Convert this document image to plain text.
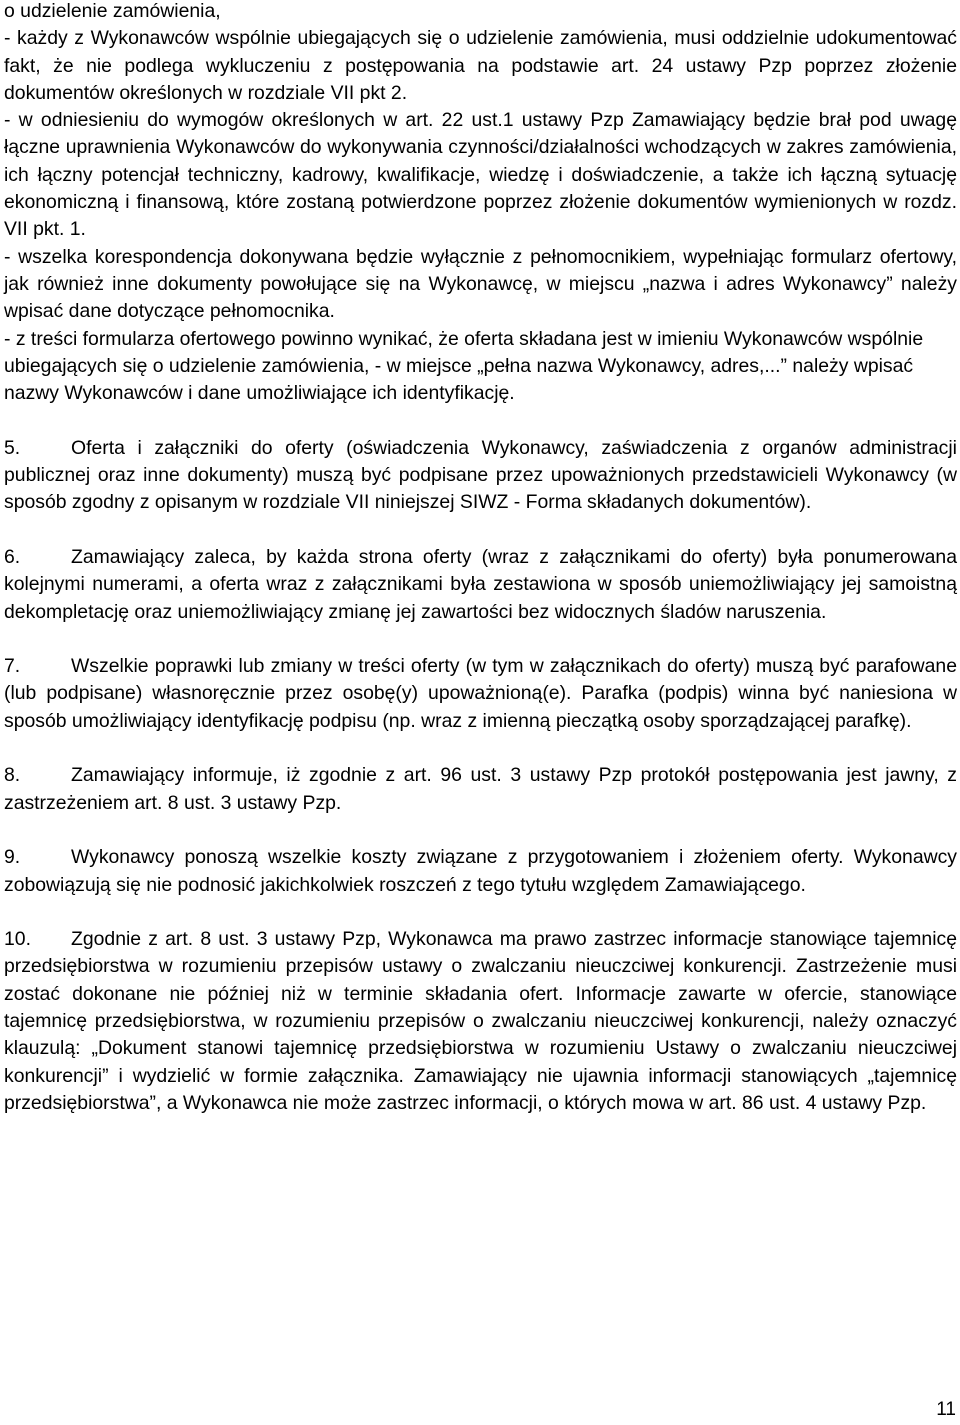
o udzielenie zamówienia,

- każdy z Wykonawców wspólnie ubiegających się o udzielenie zamówienia, musi oddzielnie udokumentować fakt, że nie podlega wykluczeniu z postępowania na podstawie art. 24 ustawy Pzp poprzez złożenie dokumentów określonych w rozdziale VII pkt 2.

- w odniesieniu do wymogów określonych w art. 22 ust.1 ustawy Pzp Zamawiający będzie brał pod uwagę łączne uprawnienia Wykonawców do wykonywania czynności/działalności wchodzących w zakres zamówienia, ich łączny potencjał techniczny, kadrowy, kwalifikacje, wiedzę i doświadczenie, a także ich łączną sytuację ekonomiczną i finansową, które zostaną potwierdzone poprzez złożenie dokumentów wymienionych w rozdz. VII pkt. 1.

- wszelka korespondencja dokonywana będzie wyłącznie z pełnomocnikiem, wypełniając formularz ofertowy, jak również inne dokumenty powołujące się na Wykonawcę, w miejscu „nazwa i adres Wykonawcy” należy wpisać dane dotyczące pełnomocnika.

- z treści formularza ofertowego powinno wynikać, że oferta składana jest w imieniu Wykonawców wspólnie ubiegających się o udzielenie zamówienia, - w miejsce „pełna nazwa Wykonawcy, adres,...” należy wpisać nazwy Wykonawców i dane umożliwiające ich identyfikację.

5.	Oferta i załączniki do oferty (oświadczenia Wykonawcy, zaświadczenia z organów administracji publicznej oraz inne dokumenty) muszą być podpisane przez upoważnionych przedstawicieli Wykonawcy (w sposób zgodny z opisanym w rozdziale VII niniejszej SIWZ - Forma składanych dokumentów).

6.	Zamawiający zaleca, by każda strona oferty (wraz z załącznikami do oferty) była ponumerowana kolejnymi numerami, a oferta wraz z załącznikami była zestawiona w sposób uniemożliwiający jej samoistną dekompletację oraz uniemożliwiający zmianę jej zawartości bez widocznych śladów naruszenia.

7.	Wszelkie poprawki lub zmiany w treści oferty (w tym w załącznikach do oferty) muszą być parafowane (lub podpisane) własnoręcznie przez osobę(y) upoważnioną(e). Parafka (podpis) winna być naniesiona w sposób umożliwiający identyfikację podpisu (np. wraz z imienną pieczątką osoby sporządzającej parafkę).

8.	Zamawiający informuje, iż zgodnie z art. 96 ust. 3 ustawy Pzp protokół postępowania jest jawny, z zastrzeżeniem art. 8 ust. 3 ustawy Pzp.

9.	Wykonawcy ponoszą wszelkie koszty związane z przygotowaniem i złożeniem oferty. Wykonawcy zobowiązują się nie podnosić jakichkolwiek roszczeń z tego tytułu względem Zamawiającego.

10. Zgodnie z art. 8 ust. 3 ustawy Pzp, Wykonawca ma prawo zastrzec informacje stanowiące tajemnicę przedsiębiorstwa w rozumieniu przepisów ustawy o zwalczaniu nieuczciwej konkurencji. Zastrzeżenie musi zostać dokonane nie później niż w terminie składania ofert. Informacje zawarte w ofercie, stanowiące tajemnicę przedsiębiorstwa, w rozumieniu przepisów o zwalczaniu nieuczciwej konkurencji, należy oznaczyć klauzulą: „Dokument stanowi tajemnicę przedsiębiorstwa w rozumieniu Ustawy o zwalczaniu nieuczciwej konkurencji” i wydzielić w formie załącznika. Zamawiający nie ujawnia informacji stanowiących „tajemnicę przedsiębiorstwa”, a Wykonawca nie może zastrzec informacji, o których mowa w art. 86 ust. 4 ustawy Pzp.

11
